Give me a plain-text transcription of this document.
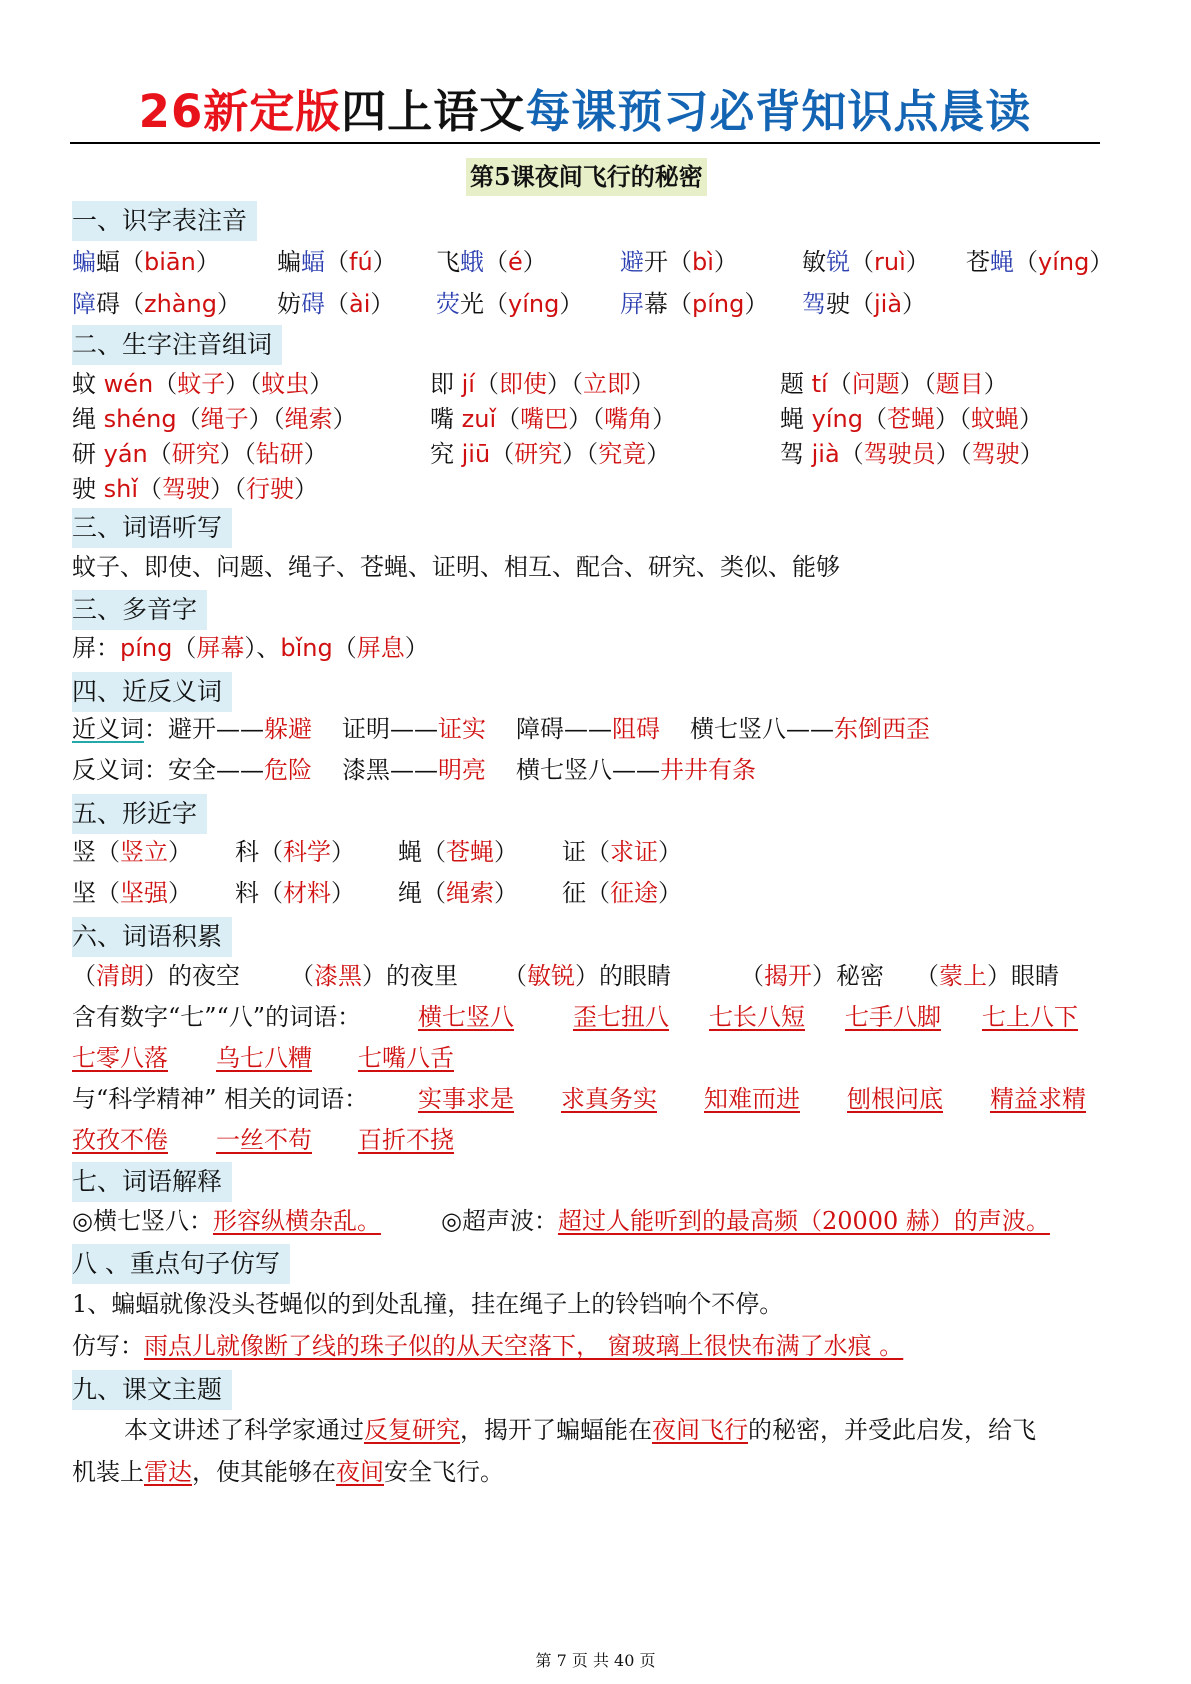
26新定版四上语文每课预习必背知识点晨读
第5课夜间飞行的秘密
一、识字表注音
蝙蝠（biān） 蝙蝠（fú） 飞蛾（é）	避开（bì）	敏锐（ruì） 苍蝇（yíng）
障碍（zhàng） 妨碍（ài） 荧光（yíng） 屏幕（píng） 驾驶（jià）
二、生字注音组词
蚊 wén（蚊子）（蚊虫）	即 jí（即使）（立即）	题 tí（问题）（题目）
绳 shéng（绳子）（绳索）	嘴 zuǐ（嘴巴）（嘴角）	蝇 yíng（苍蝇）（蚊蝇）
研 yán（研究）（钻研）	究 jiū（研究）（究竟）	驾 jià（驾驶员）（驾驶）
驶 shǐ（驾驶）（行驶）
三、词语听写
蚊子、即使、问题、绳子、苍蝇、证明、相互、配合、研究、类似、能够
三、多音字
屏：píng（屏幕）、bǐng（屏息）
四、近反义词
近义词：避开——躲避 证明——证实 障碍——阻碍 横七竖八——东倒西歪
反义词：安全——危险 漆黑——明亮 横七竖八——井井有条
五、形近字
竖（竖立） 科（科学） 蝇（苍蝇） 证（求证）
坚（坚强） 料（材料） 绳（绳索） 征（征途）
六、词语积累
（清朗）的夜空 （漆黑）的夜里 （敏锐）的眼睛	（揭开）秘密 （蒙上）眼睛
含有数字“七”“八”的词语： 横七竖八 歪七扭八 七长八短 七手八脚 七上八下
七零八落 乌七八糟 七嘴八舌
与“科学精神” 相关的词语： 实事求是 求真务实 知难而进 刨根问底 精益求精
孜孜不倦 一丝不苟 百折不挠
七、词语解释
◎横七竖八：形容纵横杂乱。	◎超声波：超过人能听到的最高频（20000 赫）的声波。
八 、重点句子仿写
1、蝙蝠就像没头苍蝇似的到处乱撞，挂在绳子上的铃铛响个不停。
仿写：雨点儿就像断了线的珠子似的从天空落下， 窗玻璃上很快布满了水痕 。
九、课文主题
本文讲述了科学家通过反复研究，揭开了蝙蝠能在夜间飞行的秘密，并受此启发，给飞
机装上雷达，使其能够在夜间安全飞行。
第 7 页 共 40 页
